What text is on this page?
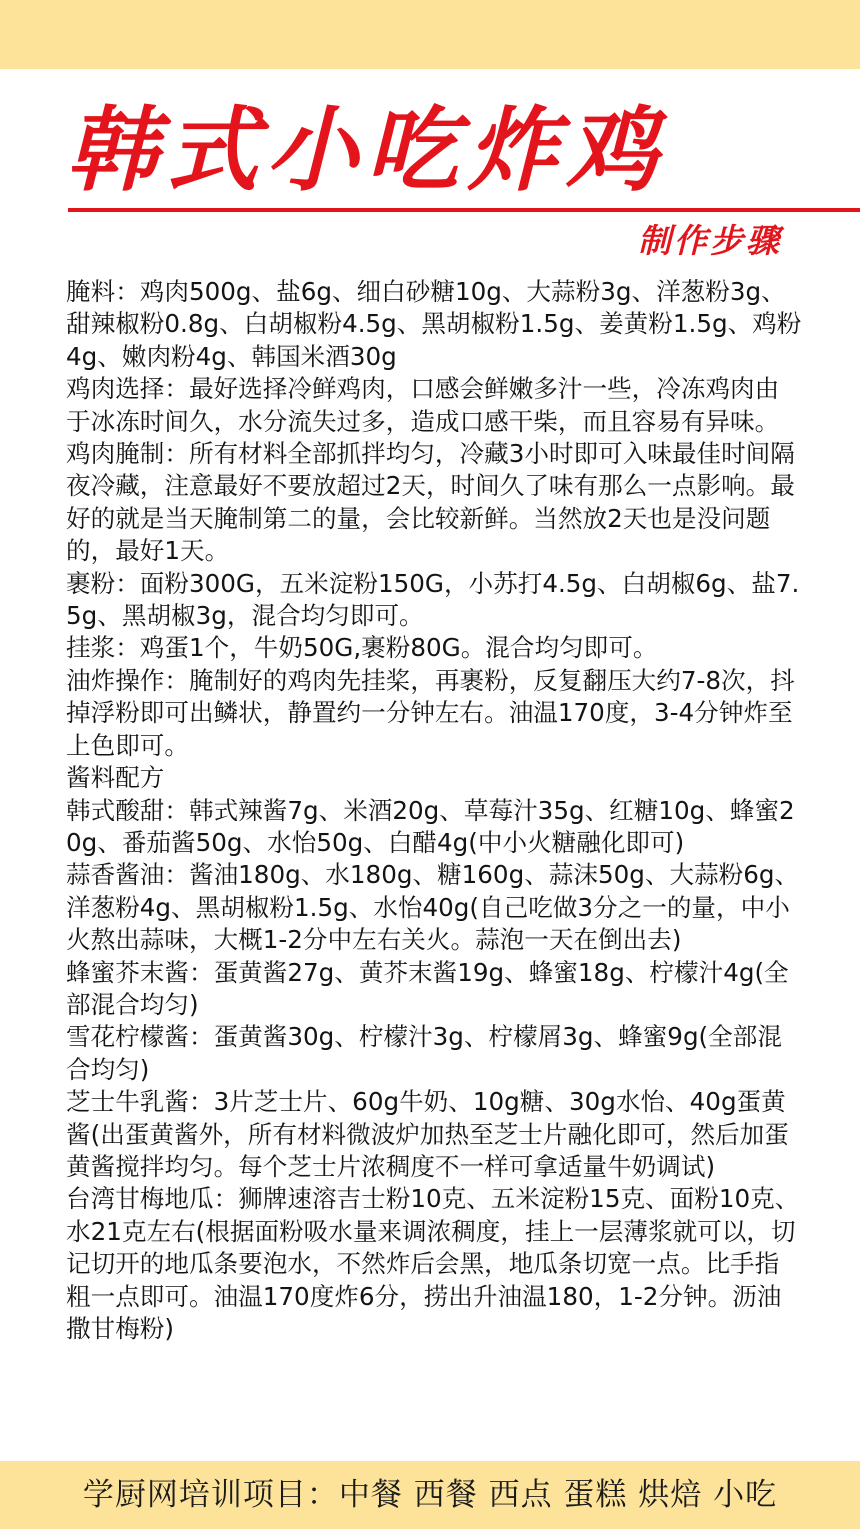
韩式小吃炸鸡
制作步骤

腌料：鸡肉500g、盐6g、细白砂糖10g、大蒜粉3g、洋葱粉3g、甜辣椒粉0.8g、白胡椒粉4.5g、黑胡椒粉1.5g、姜黄粉1.5g、鸡粉4g、嫩肉粉4g、韩国米酒30g

鸡肉选择：最好选择冷鲜鸡肉，口感会鲜嫩多汁一些，冷冻鸡肉由于冰冻时间久，水分流失过多，造成口感干柴，而且容易有异味。

鸡肉腌制：所有材料全部抓拌均匀，冷藏3小时即可入味最佳时间隔夜冷藏，注意最好不要放超过2天，时间久了味有那么一点影响。最好的就是当天腌制第二的量，会比较新鲜。当然放2天也是没问题的，最好1天。

裹粉：面粉300G，五米淀粉150G，小苏打4.5g、白胡椒6g、盐7.5g、黑胡椒3g，混合均匀即可。

挂浆：鸡蛋1个，牛奶50G,裹粉80G。混合均匀即可。

油炸操作：腌制好的鸡肉先挂桨，再裹粉，反复翻压大约7-8次，抖掉浮粉即可出鳞状，静置约一分钟左右。油温170度，3-4分钟炸至上色即可。

酱料配方

韩式酸甜：韩式辣酱7g、米酒20g、草莓汁35g、红糖10g、蜂蜜20g、番茄酱50g、水怡50g、白醋4g(中小火糖融化即可)

蒜香酱油：酱油180g、水180g、糖160g、蒜沫50g、大蒜粉6g、洋葱粉4g、黑胡椒粉1.5g、水怡40g(自己吃做3分之一的量，中小火熬出蒜味，大概1-2分中左右关火。蒜泡一天在倒出去)

蜂蜜芥末酱：蛋黄酱27g、黄芥末酱19g、蜂蜜18g、柠檬汁4g(全部混合均匀)

雪花柠檬酱：蛋黄酱30g、柠檬汁3g、柠檬屑3g、蜂蜜9g(全部混合均匀)

芝士牛乳酱：3片芝士片、60g牛奶、10g糖、30g水怡、40g蛋黄酱(出蛋黄酱外，所有材料微波炉加热至芝士片融化即可，然后加蛋黄酱搅拌均匀。每个芝士片浓稠度不一样可拿适量牛奶调试)

台湾甘梅地瓜：狮牌速溶吉士粉10克、五米淀粉15克、面粉10克、水21克左右(根据面粉吸水量来调浓稠度，挂上一层薄浆就可以，切记切开的地瓜条要泡水，不然炸后会黑，地瓜条切宽一点。比手指粗一点即可。油温170度炸6分，捞出升油温180，1-2分钟。沥油撒甘梅粉)

学厨网培训项目：中餐 西餐 西点 蛋糕 烘焙 小吃
